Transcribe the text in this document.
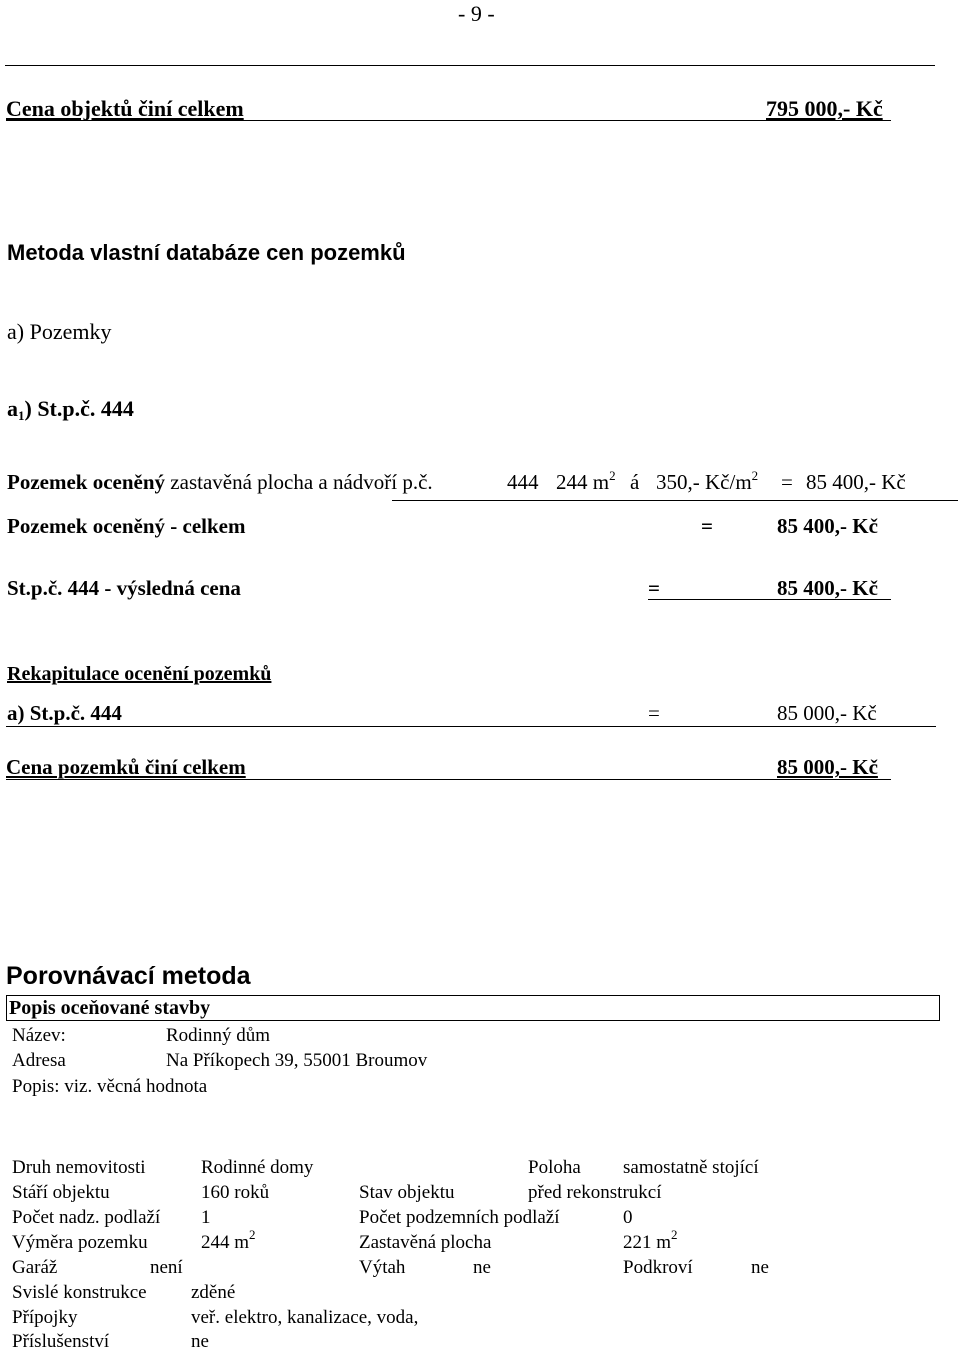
- 9 -
Cena objektů činí celkem	795 000,- Kč
Metoda vlastní databáze cen pozemků
a) Pozemky
$a_1$) St.p.č. 444
Pozemek oceněný zastavěná plocha a nádvoří p.č.	444 244 $m^2$ á 350,- $Kč/m^2 = 85$ 400,- Kč
Pozemek oceněný - celkem	=	85 400,- Kč
St.p.č. 444 - výsledná cena	=	85 400,- Kč
Rekapitulace ocenění pozemků
a) St.p.č. 444	=	85 000,- Kč
Cena pozemků činí celkem	85 000,- Kč
Porovnávací metoda
Popis oceňované stavby
Název:	Rodinný dům
Adresa	Na Příkopech 39, 55001 Broumov
Popis: viz. věcná hodnota
Druh nemovitosti	Rodinné domy	Poloha samostatně stojící
Stáří objektu	160 roků	Stav objektu	před rekonstrukcí
Počet nadz. podlaží 1	Počet podzemních podlaží	0
Výměra pozemku	244 $m^2$	Zastavěná plocha	221 $m^2$
Garáž	není	Výtah	ne	Podkroví	ne
Svislé konstrukce zděné
Přípojky	veř. elektro, kanalizace, voda,
Příslušenství	ne
